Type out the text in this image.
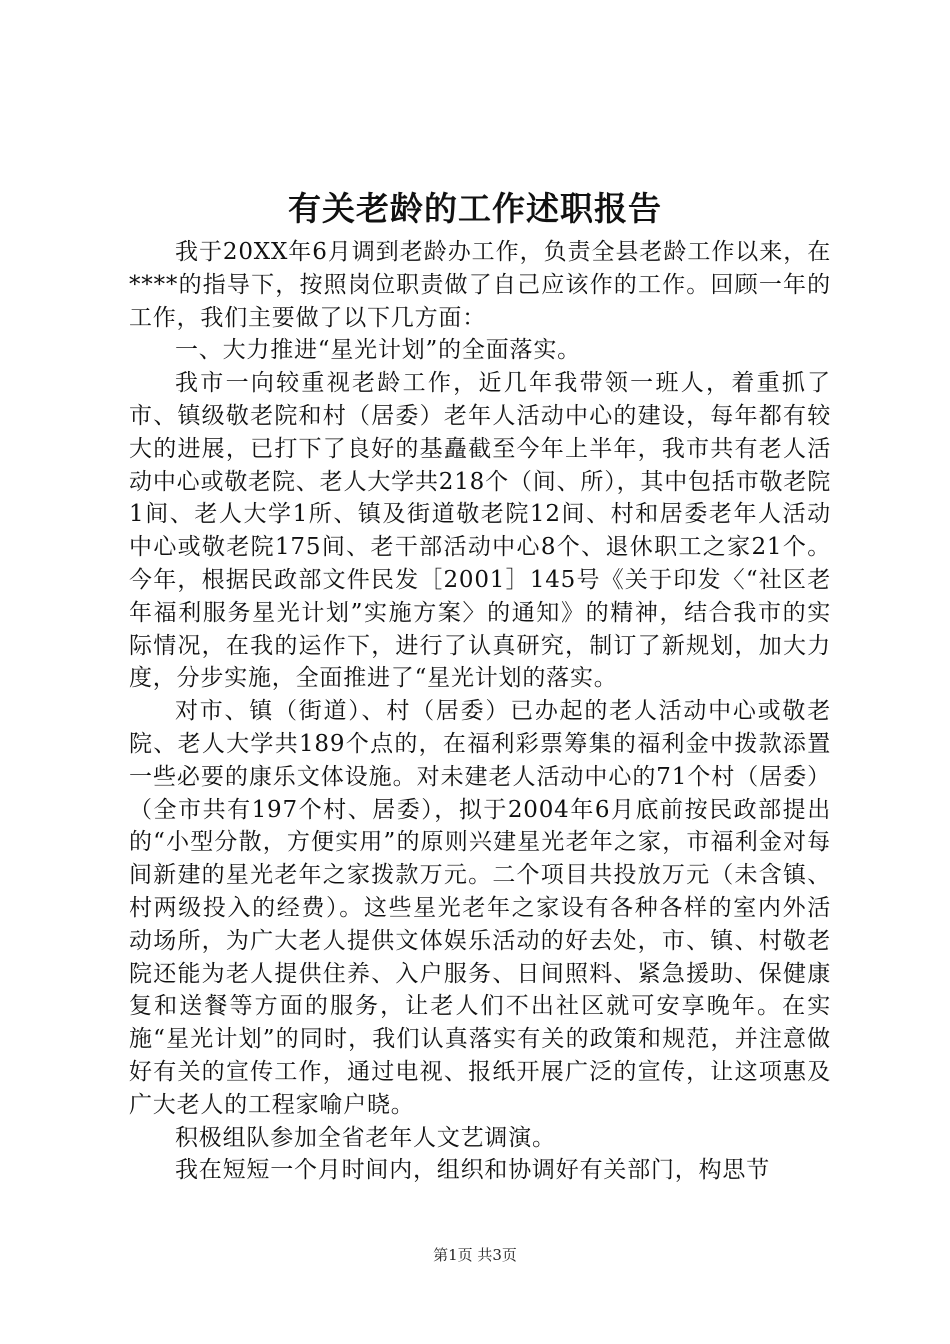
有关老龄的工作述职报告

我于20XX年6月调到老龄办工作，负责全县老龄工作以来，在****的指导下，按照岗位职责做了自己应该作的工作。回顾一年的工作，我们主要做了以下几方面：

一、大力推进“星光计划”的全面落实。

我市一向较重视老龄工作，近几年我带领一班人，着重抓了市、镇级敬老院和村（居委）老年人活动中心的建设，每年都有较大的进展，已打下了良好的基矗截至今年上半年，我市共有老人活动中心或敬老院、老人大学共218个（间、所），其中包括市敬老院1间、老人大学1所、镇及街道敬老院12间、村和居委老年人活动中心或敬老院175间、老干部活动中心8个、退休职工之家21个。今年，根据民政部文件民发［2001］145号《关于印发〈“社区老年福利服务星光计划”实施方案〉的通知》的精神，结合我市的实际情况，在我的运作下，进行了认真研究，制订了新规划，加大力度，分步实施，全面推进了“星光计划的落实。

对市、镇（街道）、村（居委）已办起的老人活动中心或敬老院、老人大学共189个点的，在福利彩票筹集的福利金中拨款添置一些必要的康乐文体设施。对未建老人活动中心的71个村（居委）（全市共有197个村、居委），拟于2004年6月底前按民政部提出的“小型分散，方便实用”的原则兴建星光老年之家，市福利金对每间新建的星光老年之家拨款万元。二个项目共投放万元（未含镇、村两级投入的经费）。这些星光老年之家设有各种各样的室内外活动场所，为广大老人提供文体娱乐活动的好去处，市、镇、村敬老院还能为老人提供住养、入户服务、日间照料、紧急援助、保健康复和送餐等方面的服务，让老人们不出社区就可安享晚年。在实施“星光计划”的同时，我们认真落实有关的政策和规范，并注意做好有关的宣传工作，通过电视、报纸开展广泛的宣传，让这项惠及广大老人的工程家喻户晓。

积极组队参加全省老年人文艺调演。

我在短短一个月时间内，组织和协调好有关部门，构思节

第1页 共3页
